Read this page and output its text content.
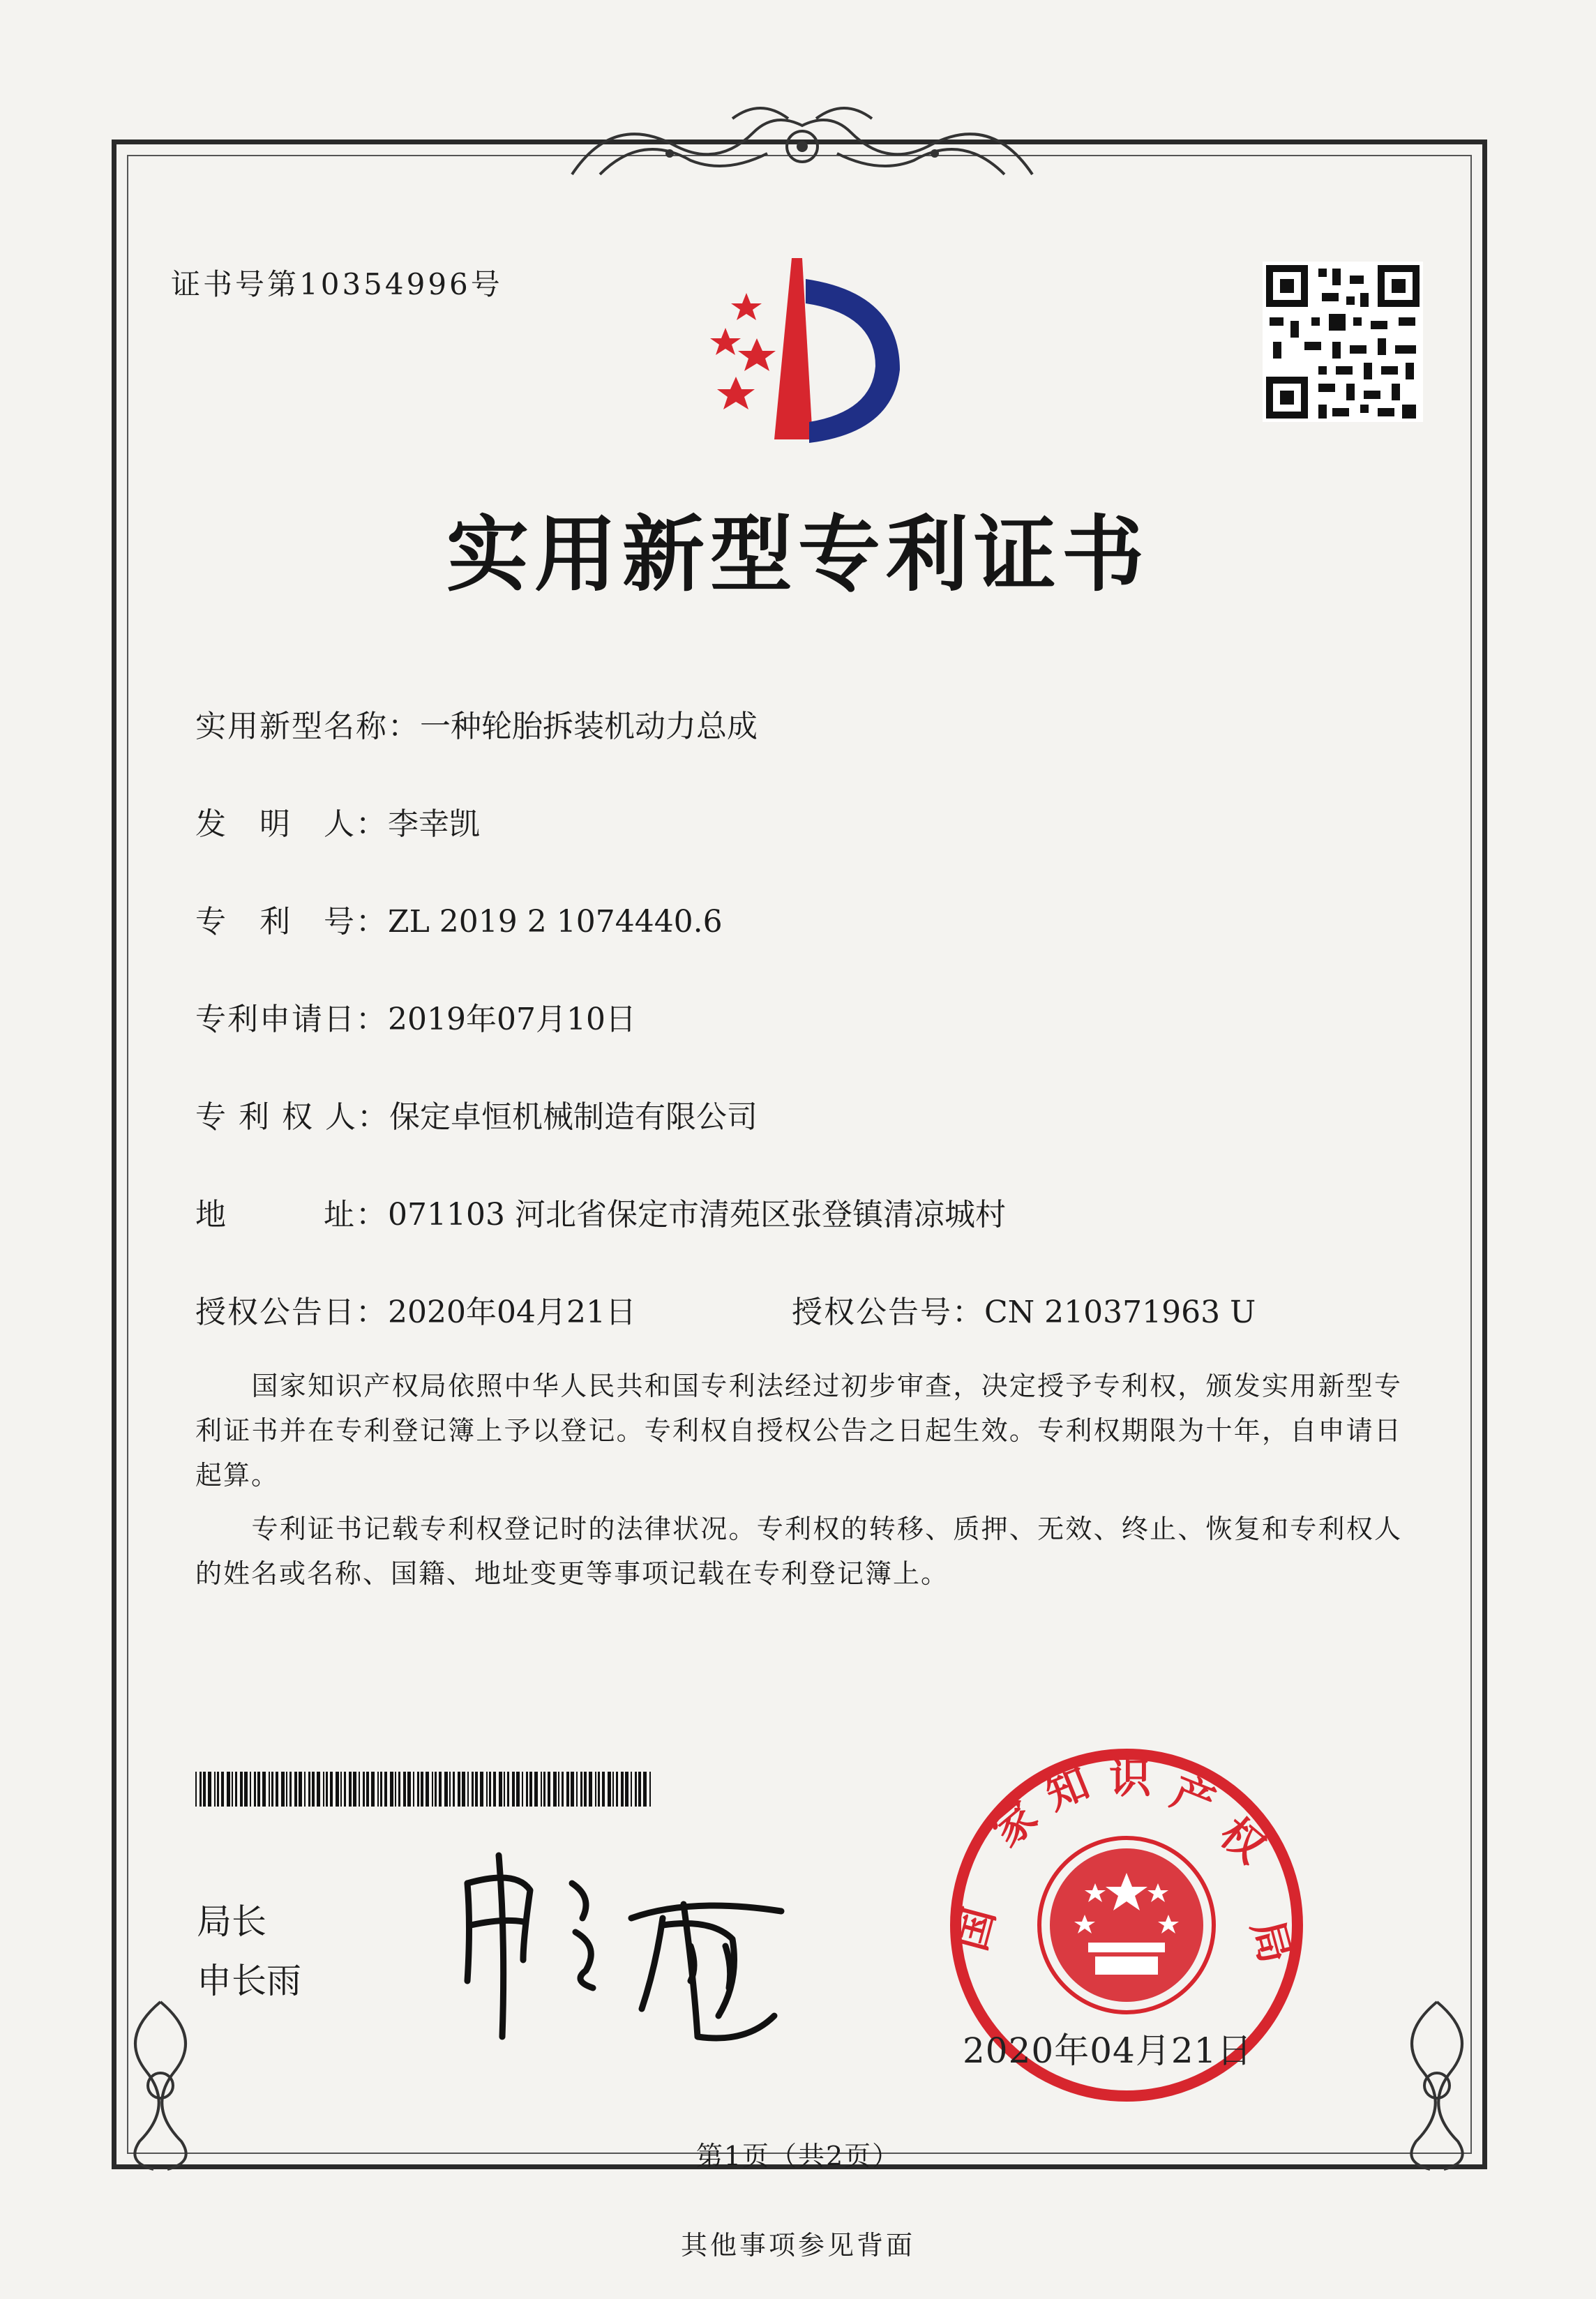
证书号第10354996号
实用新型专利证书
实用新型名称：一种轮胎拆装机动力总成
发　明　人：李幸凯
专　利　号：ZL 2019 2 1074440.6
专利申请日：2019年07月10日
专 利 权 人：保定卓恒机械制造有限公司
地　　　址：071103 河北省保定市清苑区张登镇清凉城村
授权公告日：2020年04月21日	授权公告号：CN 210371963 U
　　国家知识产权局依照中华人民共和国专利法经过初步审查，决定授予专利权，颁发实用新型专利证书并在专利登记簿上予以登记。专利权自授权公告之日起生效。专利权期限为十年，自申请日起算。
　　专利证书记载专利权登记时的法律状况。专利权的转移、质押、无效、终止、恢复和专利权人的姓名或名称、国籍、地址变更等事项记载在专利登记簿上。
局长
申长雨
家
知 识 产
权
局
国
2020年04月21日
第1页（共2页）
其他事项参见背面
